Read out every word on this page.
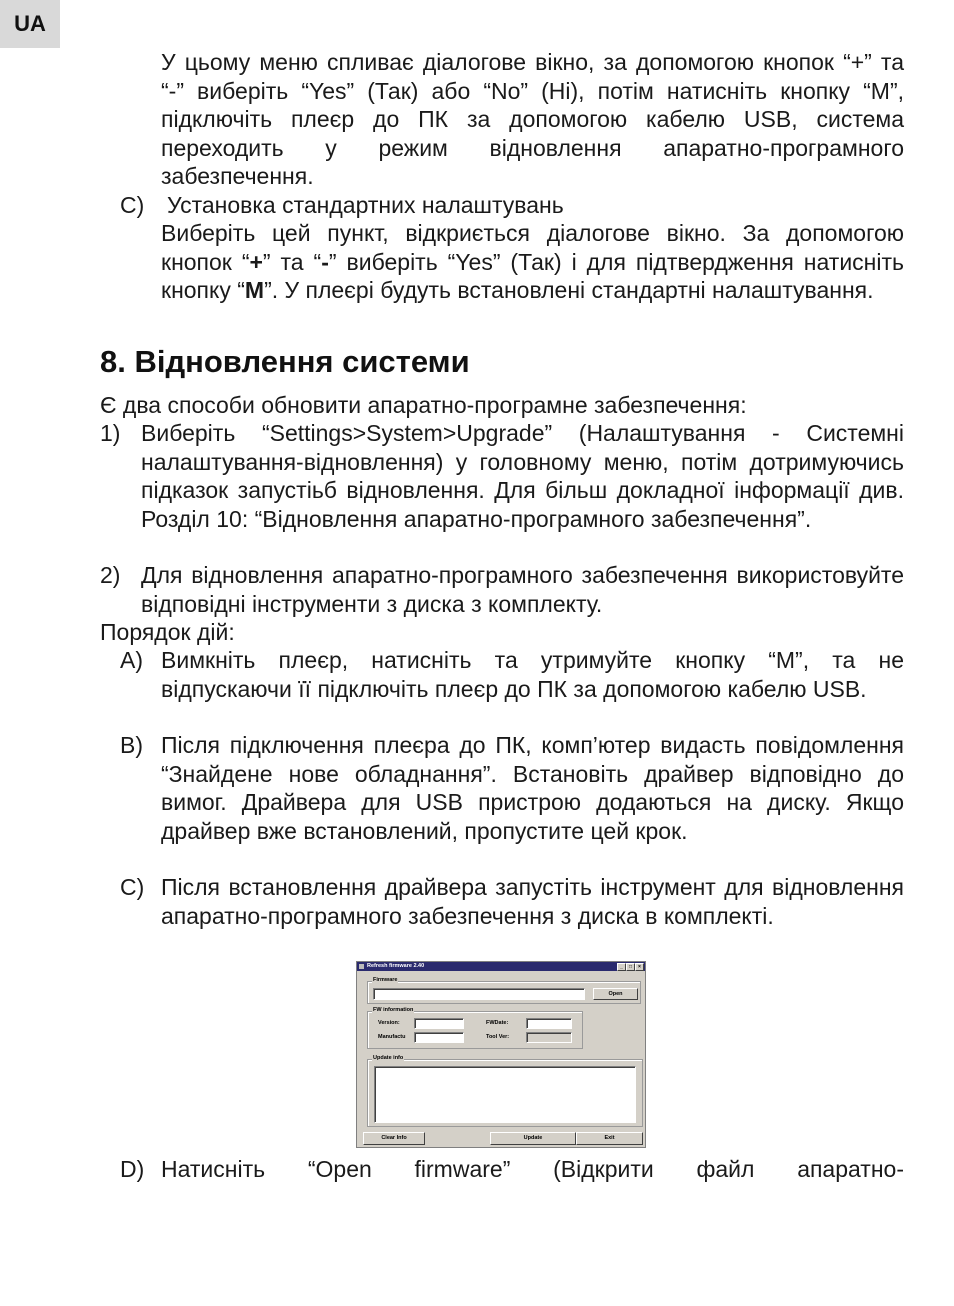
UA

У цьому меню спливає діалогове вікно, за допомогою кнопок “+” та “-” виберіть “Yes” (Так) або “No” (Ні), потім натисніть кнопку “M”, підключіть плеєр до ПК за допомогою кабелю USB, система переходить у режим відновлення апаратно-програмного забезпечення.

C) Установка стандартних налаштувань

Виберіть цей пункт, відкриється діалогове вікно. За допомогою кнопок “+” та “-” виберіть “Yes” (Так) і для підтвердження натисніть кнопку “M”. У плеєрі будуть встановлені стандартні налаштування.

8. Відновлення системи

Є два способи обновити апаратно-програмне забезпечення:

1) Виберіть “Settings>System>Upgrade” (Налаштування - Системні налаштування-відновлення) у головному меню, потім дотримуючись підказок запустіьб відновлення. Для більш докладної інформації див. Розділ 10: “Відновлення апаратно-програмного забезпечення”.

2) Для відновлення апаратно-програмного забезпечення використовуйте відповідні інструменти з диска з комплекту.

Порядок дій:

A) Вимкніть плеєр, натисніть та утримуйте кнопку “M”, та не відпускаючи її підключіть плеєр до ПК за допомогою кабелю USB.

B) Після підключення плеєра до ПК, комп’ютер видасть повідомлення “Знайдене нове обладнання”. Встановіть драйвер відповідно до вимог. Драйвера для USB пристрою додаються на диску. Якщо драйвер вже встановлений, пропустите цей крок.

C) Після встановлення драйвера запустіть інструмент для відновлення апаратно-програмного забезпечення з диска в комплекті.

Refresh firmware 2.40	_	□	×
Firmware
Open
FW information
Version:
Manufactu
FWDate:
Tool Ver:
Update info
Clear Info	Update	Exit
D) Натисніть “Open firmware” (Відкрити файл апаратно-
